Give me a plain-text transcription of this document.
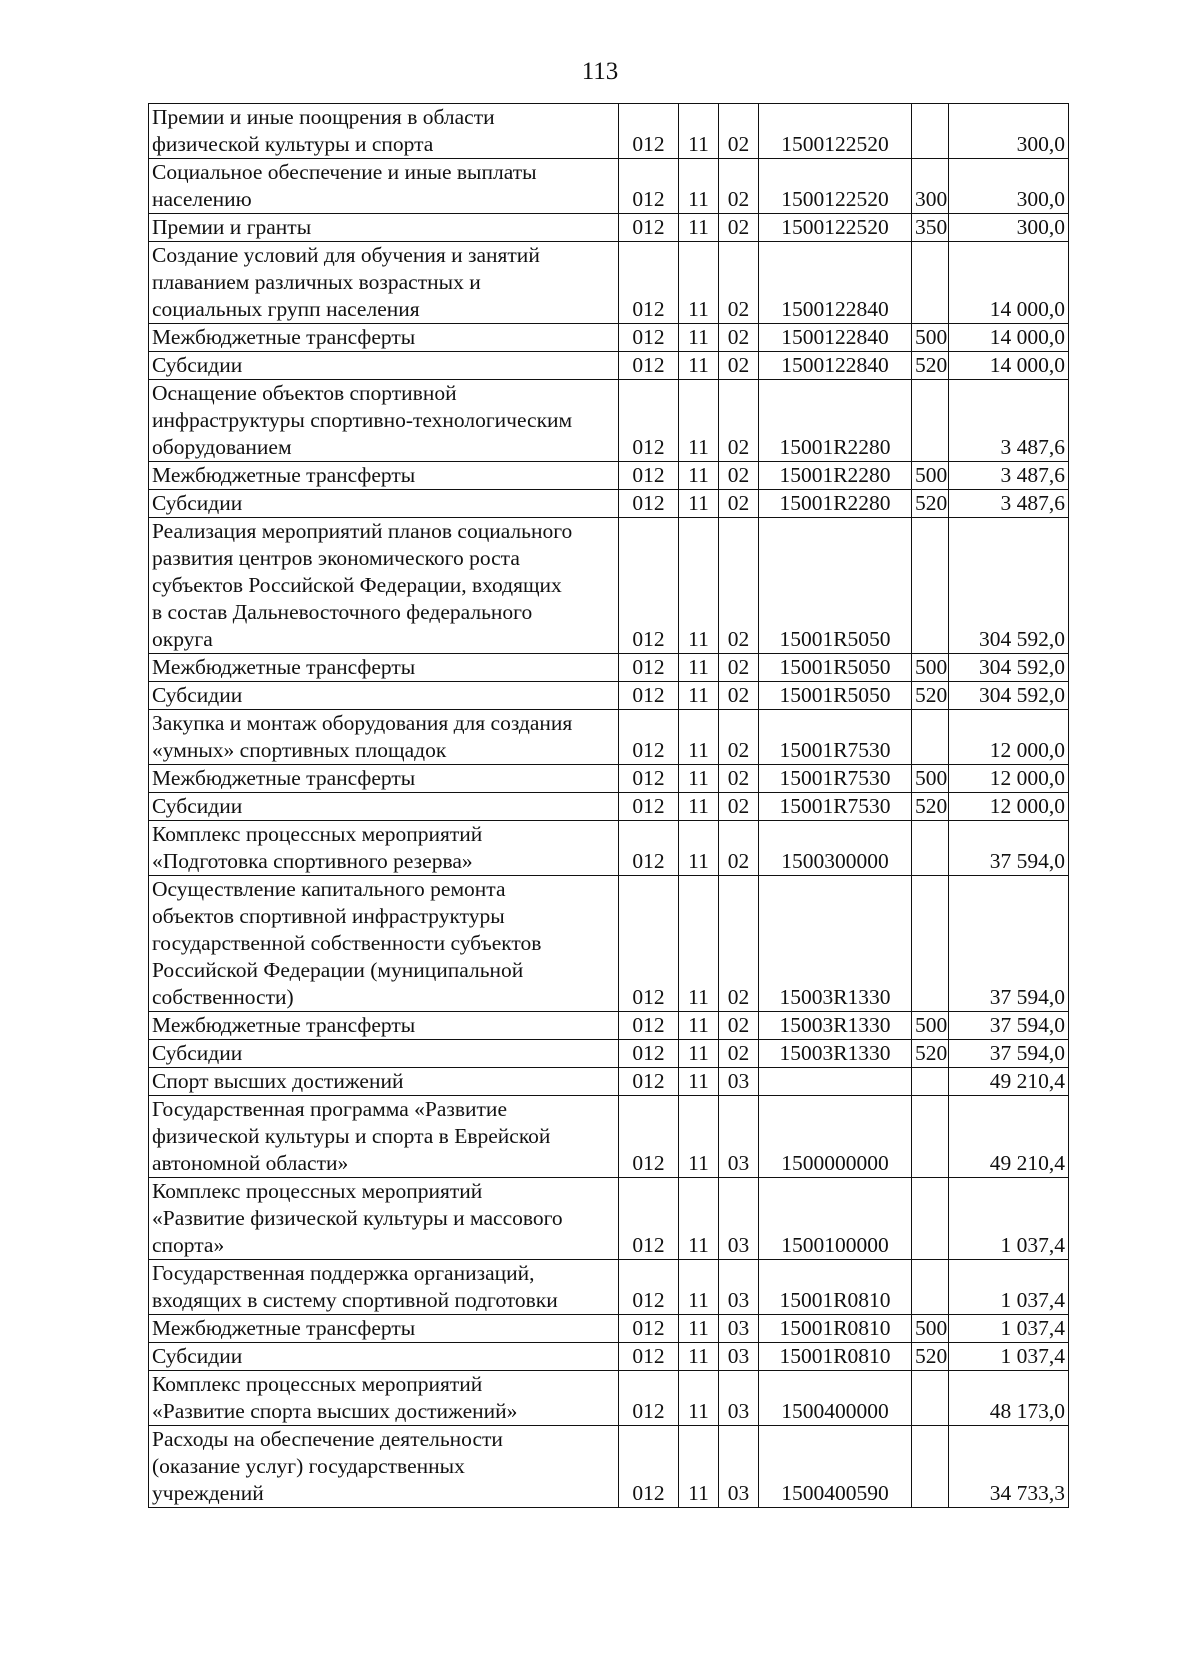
113
Премии и иные поощрения в области
физической культуры и спорта	012	11	02	1500122520		300,0
Социальное обеспечение и иные выплаты
населению	012	11	02	1500122520	300	300,0
Премии и гранты	012	11	02	1500122520	350	300,0
Создание условий для обучения и занятий
плаванием различных возрастных и
социальных групп населения	012	11	02	1500122840		14 000,0
Межбюджетные трансферты	012	11	02	1500122840	500	14 000,0
Субсидии	012	11	02	1500122840	520	14 000,0
Оснащение объектов спортивной
инфраструктуры спортивно-технологическим
оборудованием	012	11	02	15001R2280		3 487,6
Межбюджетные трансферты	012	11	02	15001R2280	500	3 487,6
Субсидии	012	11	02	15001R2280	520	3 487,6
Реализация мероприятий планов социального
развития центров экономического роста
субъектов Российской Федерации, входящих
в состав Дальневосточного федерального
округа	012	11	02	15001R5050		304 592,0
Межбюджетные трансферты	012	11	02	15001R5050	500	304 592,0
Субсидии	012	11	02	15001R5050	520	304 592,0
Закупка и монтаж оборудования для создания
«умных» спортивных площадок	012	11	02	15001R7530		12 000,0
Межбюджетные трансферты	012	11	02	15001R7530	500	12 000,0
Субсидии	012	11	02	15001R7530	520	12 000,0
Комплекс процессных мероприятий
«Подготовка спортивного резерва»	012	11	02	1500300000		37 594,0
Осуществление капитального ремонта
объектов спортивной инфраструктуры
государственной собственности субъектов
Российской Федерации (муниципальной
собственности)	012	11	02	15003R1330		37 594,0
Межбюджетные трансферты	012	11	02	15003R1330	500	37 594,0
Субсидии	012	11	02	15003R1330	520	37 594,0
Спорт высших достижений	012	11	03			49 210,4
Государственная программа «Развитие
физической культуры и спорта в Еврейской
автономной области»	012	11	03	1500000000		49 210,4
Комплекс процессных мероприятий
«Развитие физической культуры и массового
спорта»	012	11	03	1500100000		1 037,4
Государственная поддержка организаций,
входящих в систему спортивной подготовки	012	11	03	15001R0810		1 037,4
Межбюджетные трансферты	012	11	03	15001R0810	500	1 037,4
Субсидии	012	11	03	15001R0810	520	1 037,4
Комплекс процессных мероприятий
«Развитие спорта высших достижений»	012	11	03	1500400000		48 173,0
Расходы на обеспечение деятельности
(оказание услуг) государственных
учреждений	012	11	03	1500400590		34 733,3
